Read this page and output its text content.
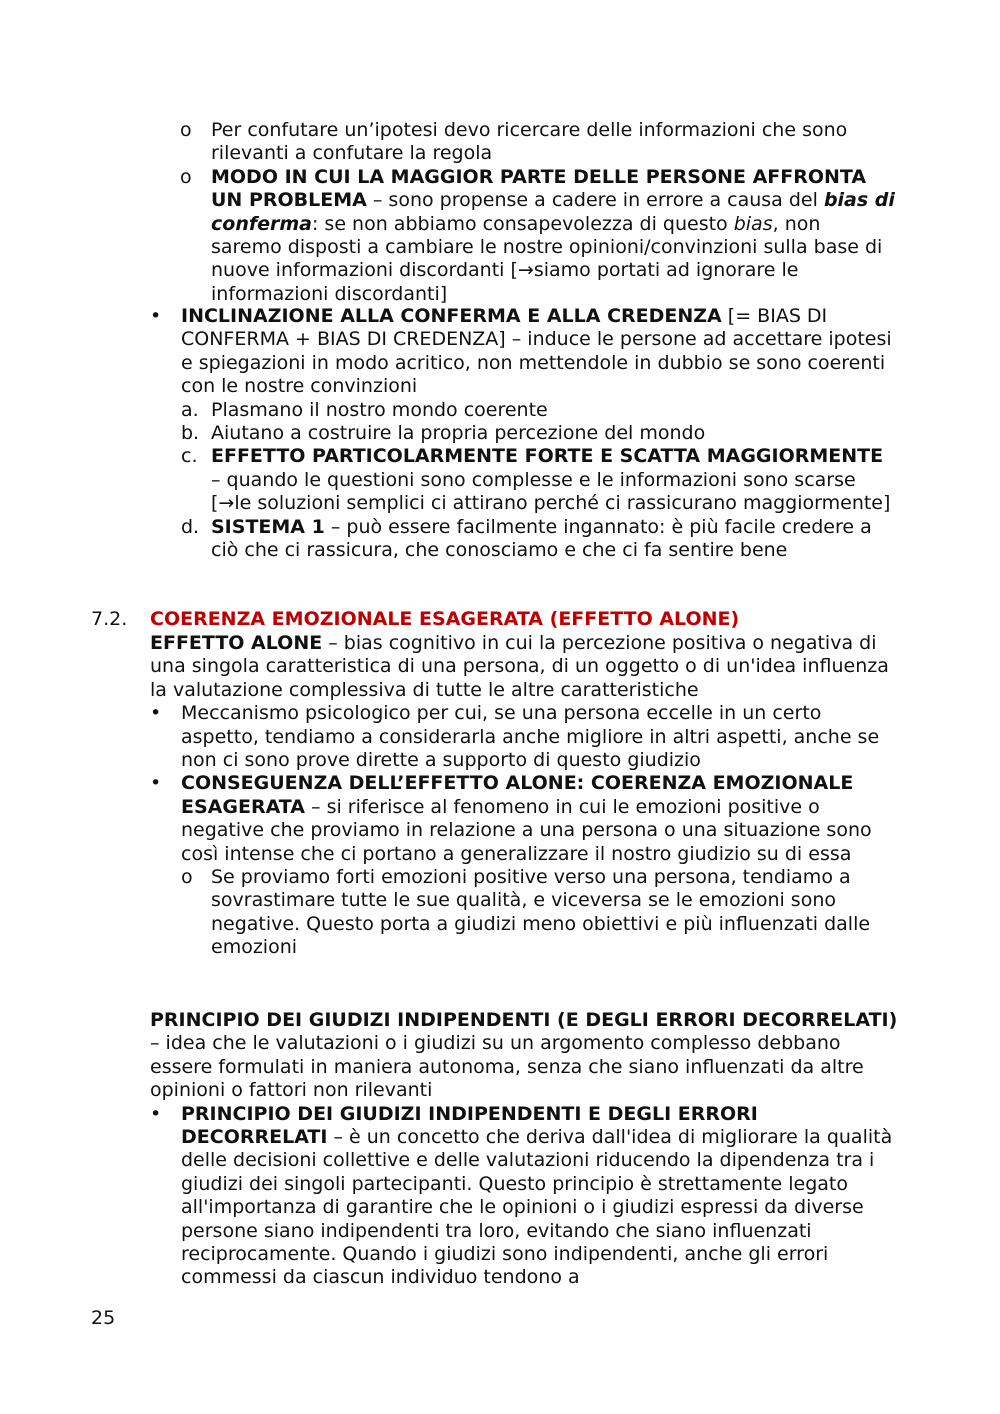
o Per confutare un’ipotesi devo ricercare delle informazioni che sono rilevanti a confutare la regola

o MODO IN CUI LA MAGGIOR PARTE DELLE PERSONE AFFRONTA UN PROBLEMA – sono propense a cadere in errore a causa del bias di conferma: se non abbiamo consapevolezza di questo bias, non saremo disposti a cambiare le nostre opinioni/convinzioni sulla base di nuove informazioni discordanti [→siamo portati ad ignorare le informazioni discordanti]

• INCLINAZIONE ALLA CONFERMA E ALLA CREDENZA [= BIAS DI CONFERMA + BIAS DI CREDENZA] – induce le persone ad accettare ipotesi e spiegazioni in modo acritico, non mettendole in dubbio se sono coerenti con le nostre convinzioni

a. Plasmano il nostro mondo coerente

b. Aiutano a costruire la propria percezione del mondo

c. EFFETTO PARTICOLARMENTE FORTE E SCATTA MAGGIORMENTE – quando le questioni sono complesse e le informazioni sono scarse [→le soluzioni semplici ci attirano perché ci rassicurano maggiormente]

d. SISTEMA 1 – può essere facilmente ingannato: è più facile credere a ciò che ci rassicura, che conosciamo e che ci fa sentire bene

7.2. COERENZA EMOZIONALE ESAGERATA (EFFETTO ALONE)

EFFETTO ALONE – bias cognitivo in cui la percezione positiva o negativa di una singola caratteristica di una persona, di un oggetto o di un'idea influenza la valutazione complessiva di tutte le altre caratteristiche

• Meccanismo psicologico per cui, se una persona eccelle in un certo aspetto, tendiamo a considerarla anche migliore in altri aspetti, anche se non ci sono prove dirette a supporto di questo giudizio

• CONSEGUENZA DELL’EFFETTO ALONE: COERENZA EMOZIONALE ESAGERATA – si riferisce al fenomeno in cui le emozioni positive o negative che proviamo in relazione a una persona o una situazione sono così intense che ci portano a generalizzare il nostro giudizio su di essa

o Se proviamo forti emozioni positive verso una persona, tendiamo a sovrastimare tutte le sue qualità, e viceversa se le emozioni sono negative. Questo porta a giudizi meno obiettivi e più influenzati dalle emozioni

PRINCIPIO DEI GIUDIZI INDIPENDENTI (E DEGLI ERRORI DECORRELATI) – idea che le valutazioni o i giudizi su un argomento complesso debbano essere formulati in maniera autonoma, senza che siano influenzati da altre opinioni o fattori non rilevanti

• PRINCIPIO DEI GIUDIZI INDIPENDENTI E DEGLI ERRORI DECORRELATI – è un concetto che deriva dall'idea di migliorare la qualità delle decisioni collettive e delle valutazioni riducendo la dipendenza tra i giudizi dei singoli partecipanti. Questo principio è strettamente legato all'importanza di garantire che le opinioni o i giudizi espressi da diverse persone siano indipendenti tra loro, evitando che siano influenzati reciprocamente. Quando i giudizi sono indipendenti, anche gli errori commessi da ciascun individuo tendono a

25
